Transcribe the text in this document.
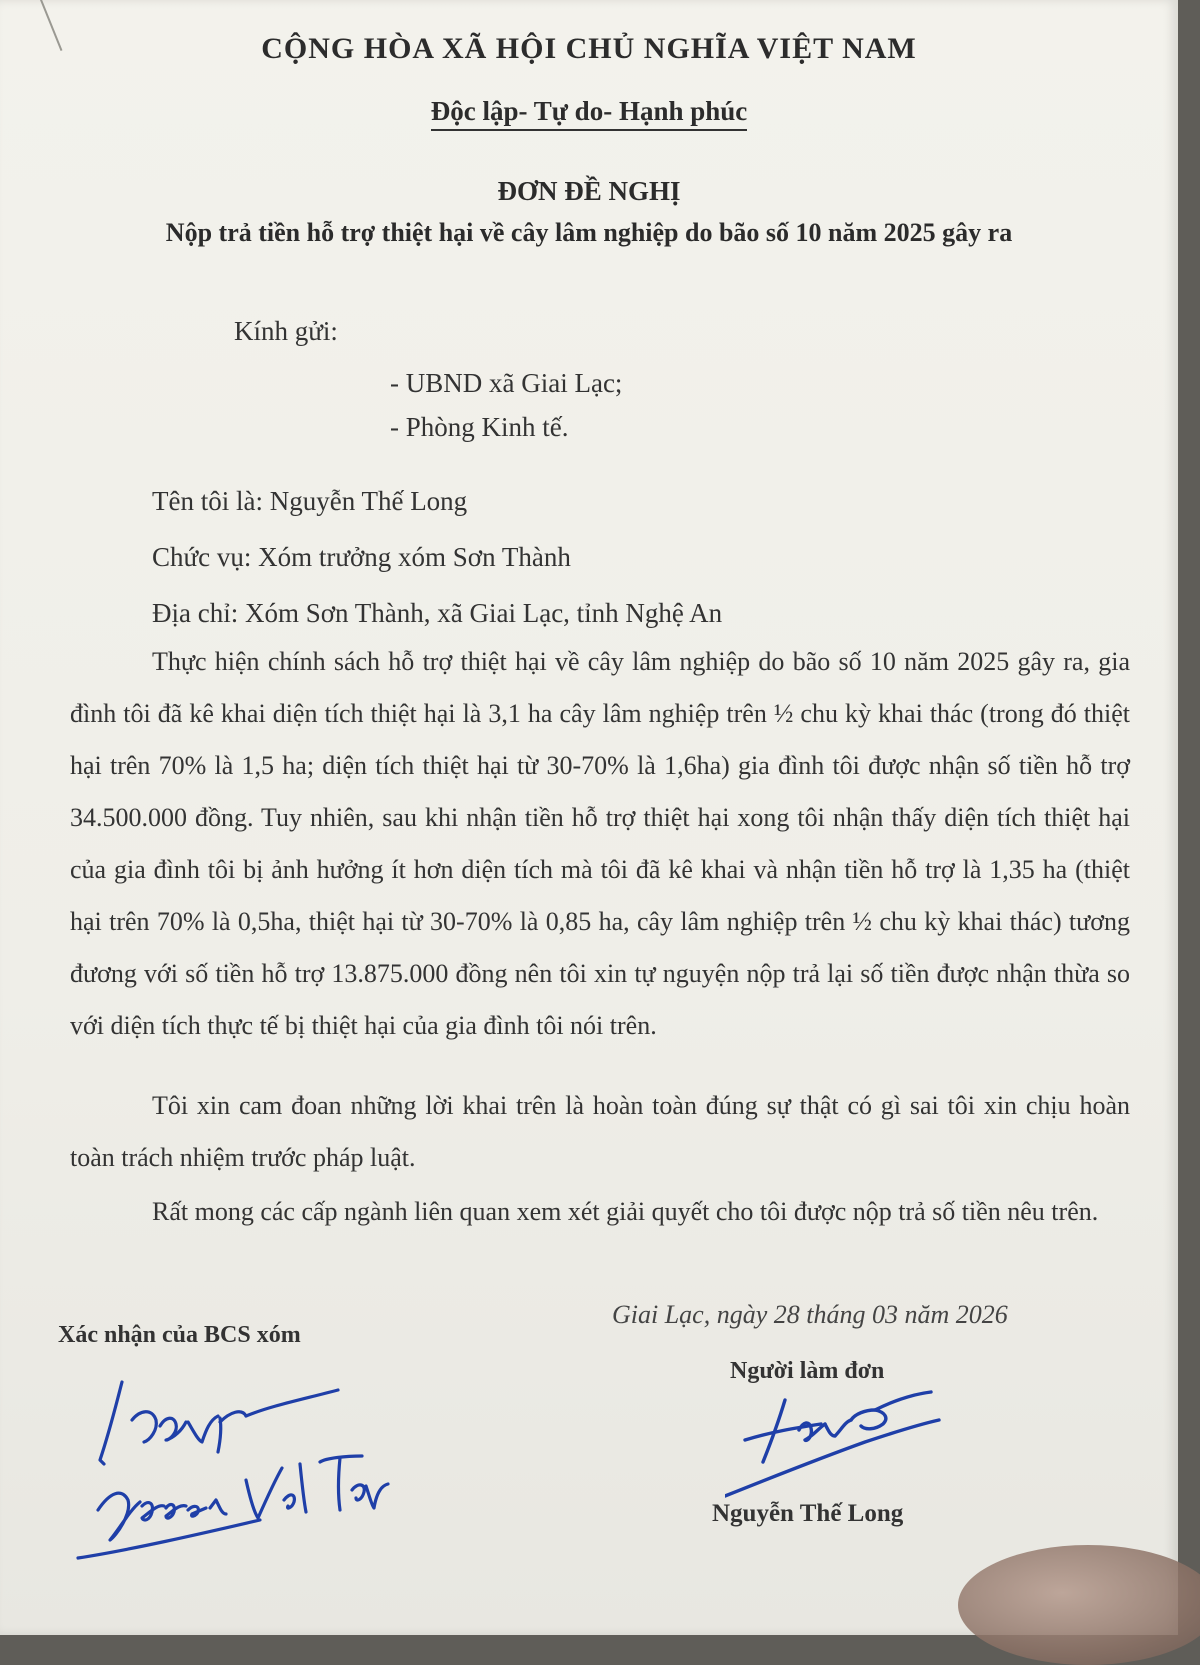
CỘNG HÒA XÃ HỘI CHỦ NGHĨA VIỆT NAM
Độc lập- Tự do- Hạnh phúc
ĐƠN ĐỀ NGHỊ
Nộp trả tiền hỗ trợ thiệt hại về cây lâm nghiệp do bão số 10 năm 2025 gây ra
Kính gửi:
- UBND xã Giai Lạc;
- Phòng Kinh tế.
Tên tôi là: Nguyễn Thế Long
Chức vụ: Xóm trưởng xóm Sơn Thành
Địa chỉ: Xóm Sơn Thành, xã Giai Lạc, tỉnh Nghệ An
Thực hiện chính sách hỗ trợ thiệt hại về cây lâm nghiệp do bão số 10 năm 2025 gây ra, gia đình tôi đã kê khai diện tích thiệt hại là 3,1 ha cây lâm nghiệp trên ½ chu kỳ khai thác (trong đó thiệt hại trên 70% là 1,5 ha; diện tích thiệt hại từ 30-70% là 1,6ha) gia đình tôi được nhận số tiền hỗ trợ 34.500.000 đồng. Tuy nhiên, sau khi nhận tiền hỗ trợ thiệt hại xong tôi nhận thấy diện tích thiệt hại của gia đình tôi bị ảnh hưởng ít hơn diện tích mà tôi đã kê khai và nhận tiền hỗ trợ là 1,35 ha (thiệt hại trên 70% là 0,5ha, thiệt hại từ 30-70% là 0,85 ha, cây lâm nghiệp trên ½ chu kỳ khai thác) tương đương với số tiền hỗ trợ 13.875.000 đồng nên tôi xin tự nguyện nộp trả lại số tiền được nhận thừa so với diện tích thực tế bị thiệt hại của gia đình tôi nói trên.
Tôi xin cam đoan những lời khai trên là hoàn toàn đúng sự thật có gì sai tôi xin chịu hoàn toàn trách nhiệm trước pháp luật.
Rất mong các cấp ngành liên quan xem xét giải quyết cho tôi được nộp trả số tiền nêu trên.
Giai Lạc, ngày 28 tháng 03 năm 2026
Xác nhận của BCS xóm
Người làm đơn
Nguyễn Thế Long
